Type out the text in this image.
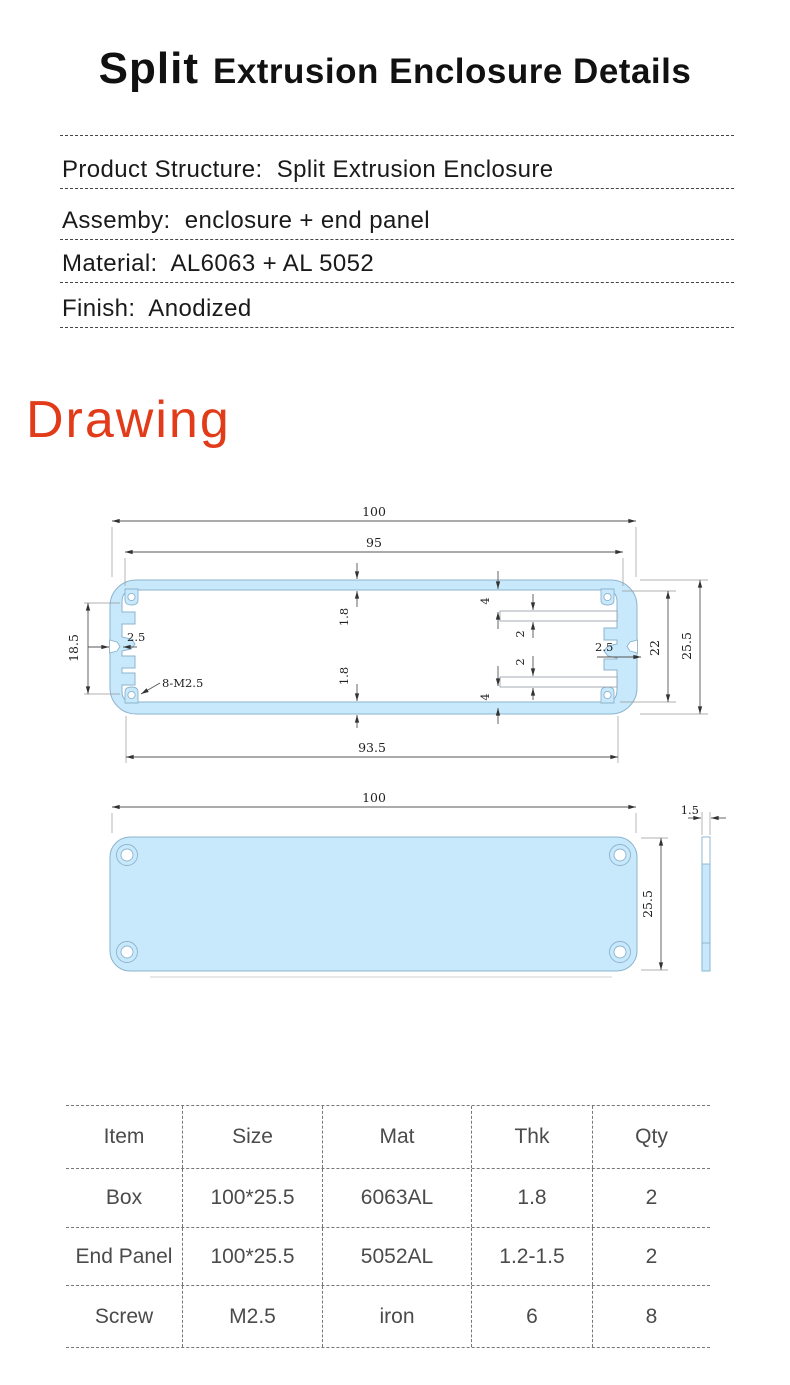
Split Extrusion Enclosure Details
Product Structure:  Split Extrusion Enclosure
Assemby:  enclosure + end panel
Material:  AL6063 + AL 5052
Finish:  Anodized
Drawing
100
95
1.8
1.8
18.5	2.5
8-M2.5
4
2
2
4
2.5	22 25.5
93.5
100
25.5
1.5
Item	Size	Mat	Thk	Qty
Box	100*25.5	6063AL	1.8	2
End Panel	100*25.5	5052AL	1.2-1.5	2
Screw	M2.5	iron	6	8
